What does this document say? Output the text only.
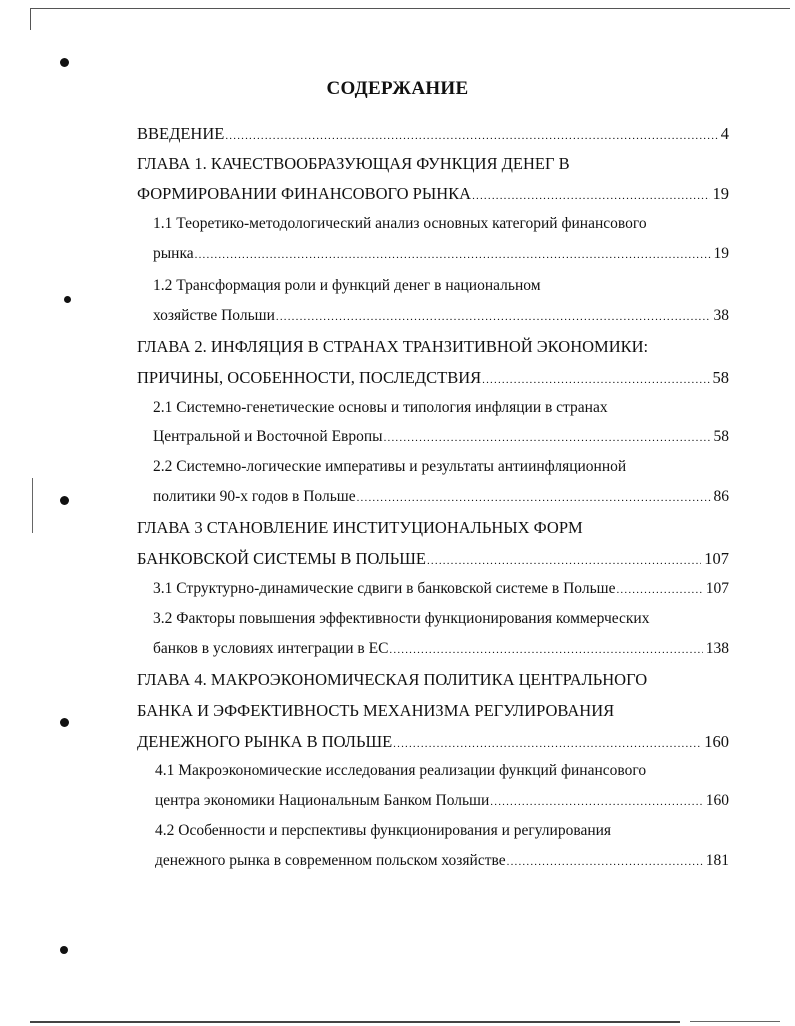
СОДЕРЖАНИЕ
ВВЕДЕНИЕ .....	4
ГЛАВА 1. КАЧЕСТВООБРАЗУЮЩАЯ ФУНКЦИЯ ДЕНЕГ В
ФОРМИРОВАНИИ ФИНАНСОВОГО РЫНКА .....	19
1.1 Теоретико-методологический анализ основных категорий финансового
рынка .....	19
1.2 Трансформация роли и функций денег в национальном
хозяйстве Польши .....	38
ГЛАВА 2. ИНФЛЯЦИЯ В СТРАНАХ ТРАНЗИТИВНОЙ ЭКОНОМИКИ:
ПРИЧИНЫ, ОСОБЕННОСТИ, ПОСЛЕДСТВИЯ .....	58
2.1 Системно-генетические основы и типология инфляции в странах
Центральной и Восточной Европы .....	58
2.2 Системно-логические императивы и результаты антиинфляционной
политики 90-х годов в Польше .....	86
ГЛАВА 3 СТАНОВЛЕНИЕ ИНСТИТУЦИОНАЛЬНЫХ ФОРМ
БАНКОВСКОЙ СИСТЕМЫ В ПОЛЬШЕ .....	107
3.1 Структурно-динамические сдвиги в банковской системе в Польше .....	107
3.2 Факторы повышения эффективности функционирования коммерческих
банков в условиях интеграции в ЕС .....	138
ГЛАВА 4. МАКРОЭКОНОМИЧЕСКАЯ ПОЛИТИКА ЦЕНТРАЛЬНОГО
БАНКА И ЭФФЕКТИВНОСТЬ МЕХАНИЗМА РЕГУЛИРОВАНИЯ
ДЕНЕЖНОГО РЫНКА В ПОЛЬШЕ .....	160
4.1 Макроэкономические исследования реализации функций финансового
центра экономики Национальным Банком Польши .....	160
4.2 Особенности и перспективы функционирования и регулирования
денежного рынка в современном польском хозяйстве .....	181
